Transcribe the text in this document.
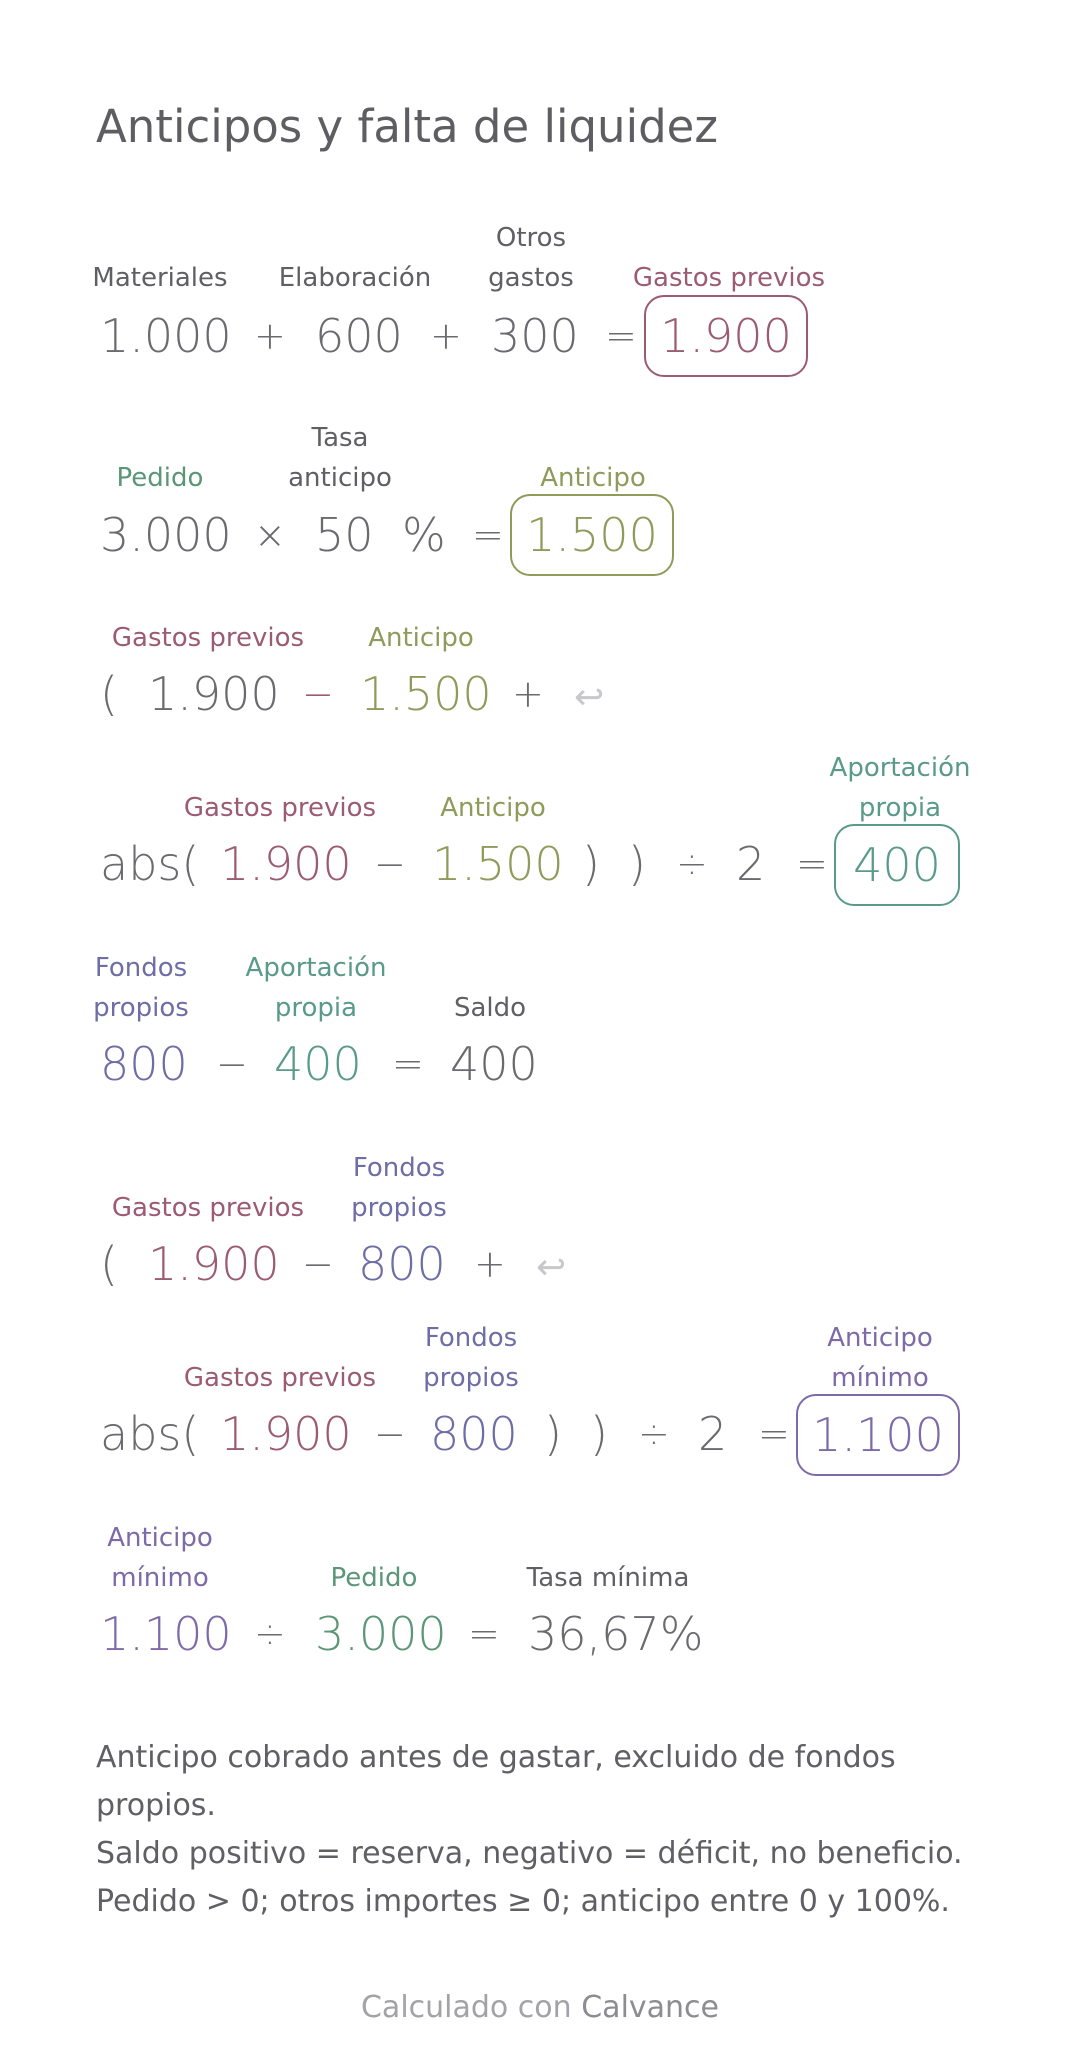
Anticipos y falta de liquidez
Materiales Elaboración
Otros
gastos	Gastos previos
1.000 + 600 + 300 = 1.900
Pedido
Tasa
anticipo	Anticipo
3.000 × 50 % = 1.500
Gastos previos	Anticipo
( 1.900 − 1.500 + ↩
Gastos previos	Anticipo
Aportación
propia
abs( 1.900 − 1.500 ) ) ÷ 2 = 400
Fondos
propios
Aportación
propia	Saldo
800 − 400 = 400
Gastos previos
Fondos
propios
( 1.900 − 800 + ↩
Gastos previos
Fondos
propios
Anticipo
mínimo
abs( 1.900 − 800 ) ) ÷ 2 = 1.100
Anticipo
mínimo	Pedido	Tasa mínima
1.100 ÷ 3.000 = 36,67%
Anticipo cobrado antes de gastar, excluido de fondos propios.
Saldo positivo = reserva, negativo = déficit, no beneficio.
Pedido > 0; otros importes ≥ 0; anticipo entre 0 y 100%.
Calculado con Calvance
